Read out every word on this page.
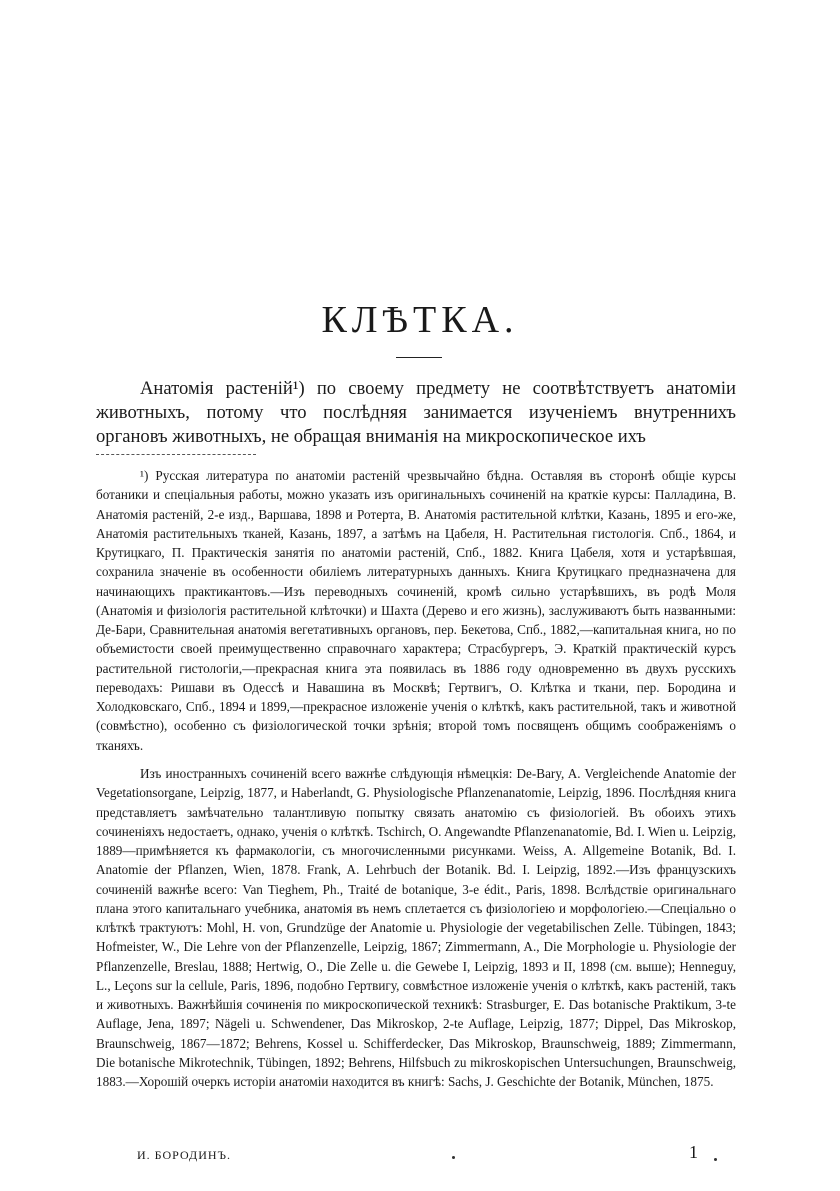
КЛѢТКА.

Анатомія растеній¹) по своему предмету не соотвѣтствуетъ анатоміи животныхъ, потому что послѣдняя занимается изученіемъ внутреннихъ органовъ животныхъ, не обращая вниманія на микроскопическое ихъ

¹) Русская литература по анатоміи растеній чрезвычайно бѣдна. Оставляя въ сторонѣ общіе курсы ботаники и спеціальныя работы, можно указать изъ оригинальныхъ сочиненій на краткіе курсы: Палладина, В. Анатомія растеній, 2-е изд., Варшава, 1898 и Ротерта, В. Анатомія растительной клѣтки, Казань, 1895 и его-же, Анатомія растительныхъ тканей, Казань, 1897, а затѣмъ на Цабеля, Н. Растительная гистологія. Спб., 1864, и Крутицкаго, П. Практическія занятія по анатоміи растеній, Спб., 1882. Книга Цабеля, хотя и устарѣвшая, сохранила значеніе въ особенности обиліемъ литературныхъ данныхъ. Книга Крутицкаго предназначена для начинающихъ практикантовъ.—Изъ переводныхъ сочиненій, кромѣ сильно устарѣвшихъ, въ родѣ Моля (Анатомія и физіологія растительной клѣточки) и Шахта (Дерево и его жизнь), заслуживаютъ быть названными: Де-Бари, Сравнительная анатомія вегетативныхъ органовъ, пер. Бекетова, Спб., 1882,—капитальная книга, но по объемистости своей преимущественно справочнаго характера; Страсбургеръ, Э. Краткій практическій курсъ растительной гистологіи,—прекрасная книга эта появилась въ 1886 году одновременно въ двухъ русскихъ переводахъ: Ришави въ Одессѣ и Навашина въ Москвѣ; Гертвигъ, О. Клѣтка и ткани, пер. Бородина и Холодковскаго, Спб., 1894 и 1899,—прекрасное изложеніе ученія о клѣткѣ, какъ растительной, такъ и животной (совмѣстно), особенно съ физіологической точки зрѣнія; второй томъ посвященъ общимъ соображеніямъ о тканяхъ.

Изъ иностранныхъ сочиненій всего важнѣе слѣдующія нѣмецкія: De-Bary, A. Vergleichende Anatomie der Vegetationsorgane, Leipzig, 1877, и Haberlandt, G. Physiologische Pflanzenanatomie, Leipzig, 1896. Послѣдняя книга представляетъ замѣчательно талантливую попытку связать анатомію съ физіологіей. Въ обоихъ этихъ сочиненіяхъ недостаетъ, однако, ученія о клѣткѣ. Tschirch, O. Angewandte Pflanzenanatomie, Bd. I. Wien u. Leipzig, 1889—примѣняется къ фармакологіи, съ многочисленными рисунками. Weiss, A. Allgemeine Botanik, Bd. I. Anatomie der Pflanzen, Wien, 1878. Frank, A. Lehrbuch der Botanik. Bd. I. Leipzig, 1892.—Изъ французскихъ сочиненій важнѣе всего: Van Tieghem, Ph., Traité de botanique, 3-e édit., Paris, 1898. Вслѣдствіе оригинальнаго плана этого капитальнаго учебника, анатомія въ немъ сплетается съ физіологіею и морфологіею.—Спеціально о клѣткѣ трактуютъ: Mohl, H. von, Grundzüge der Anatomie u. Physiologie der vegetabilischen Zelle. Tübingen, 1843; Hofmeister, W., Die Lehre von der Pflanzenzelle, Leipzig, 1867; Zimmermann, A., Die Morphologie u. Physiologie der Pflanzenzelle, Breslau, 1888; Hertwig, O., Die Zelle u. die Gewebe I, Leipzig, 1893 и II, 1898 (см. выше); Henneguy, L., Leçons sur la cellule, Paris, 1896, подобно Гертвигу, совмѣстное изложеніе ученія о клѣткѣ, какъ растеній, такъ и животныхъ. Важнѣйшія сочиненія по микроскопической техникѣ: Strasburger, E. Das botanische Praktikum, 3-te Auflage, Jena, 1897; Nägeli u. Schwendener, Das Mikroskop, 2-te Auflage, Leipzig, 1877; Dippel, Das Mikroskop, Braunschweig, 1867—1872; Behrens, Kossel u. Schifferdecker, Das Mikroskop, Braunschweig, 1889; Zimmermann, Die botanische Mikrotechnik, Tübingen, 1892; Behrens, Hilfsbuch zu mikroskopischen Untersuchungen, Braunschweig, 1883.—Хорошій очеркъ исторіи анатоміи находится въ книгѣ: Sachs, J. Geschichte der Botanik, München, 1875.

И. БОРОДИНЪ.	1
